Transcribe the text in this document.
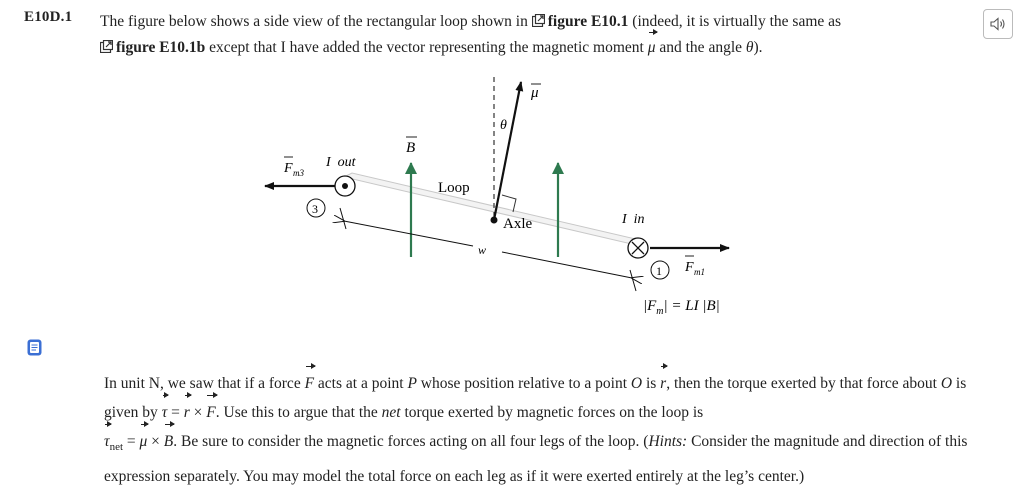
E10D.1 The figure below shows a side view of the rectangular loop shown in figure E10.1 (indeed, it is virtually the same as
figure E10.1b except that I have added the vector representing the magnetic moment μ and the angle θ).
μ
θ
B
I  out
F m3
3
Loop
Axle
w
I  in
1 F m1
$|F_m|$ = LI |B|
In unit N, we saw that if a force F acts at a point P whose position relative to a point O is r, then the torque exerted by that force about O is given by τ = r × F. Use this to argue that the net torque exerted by magnetic forces on the loop is
$\tau_{net} = \mu \times B$. Be sure to consider the magnetic forces acting on all four legs of the loop. (Hints: Consider the magnitude and direction of this expression separately. You may model the total force on each leg as if it were exerted entirely at the leg’s center.)
